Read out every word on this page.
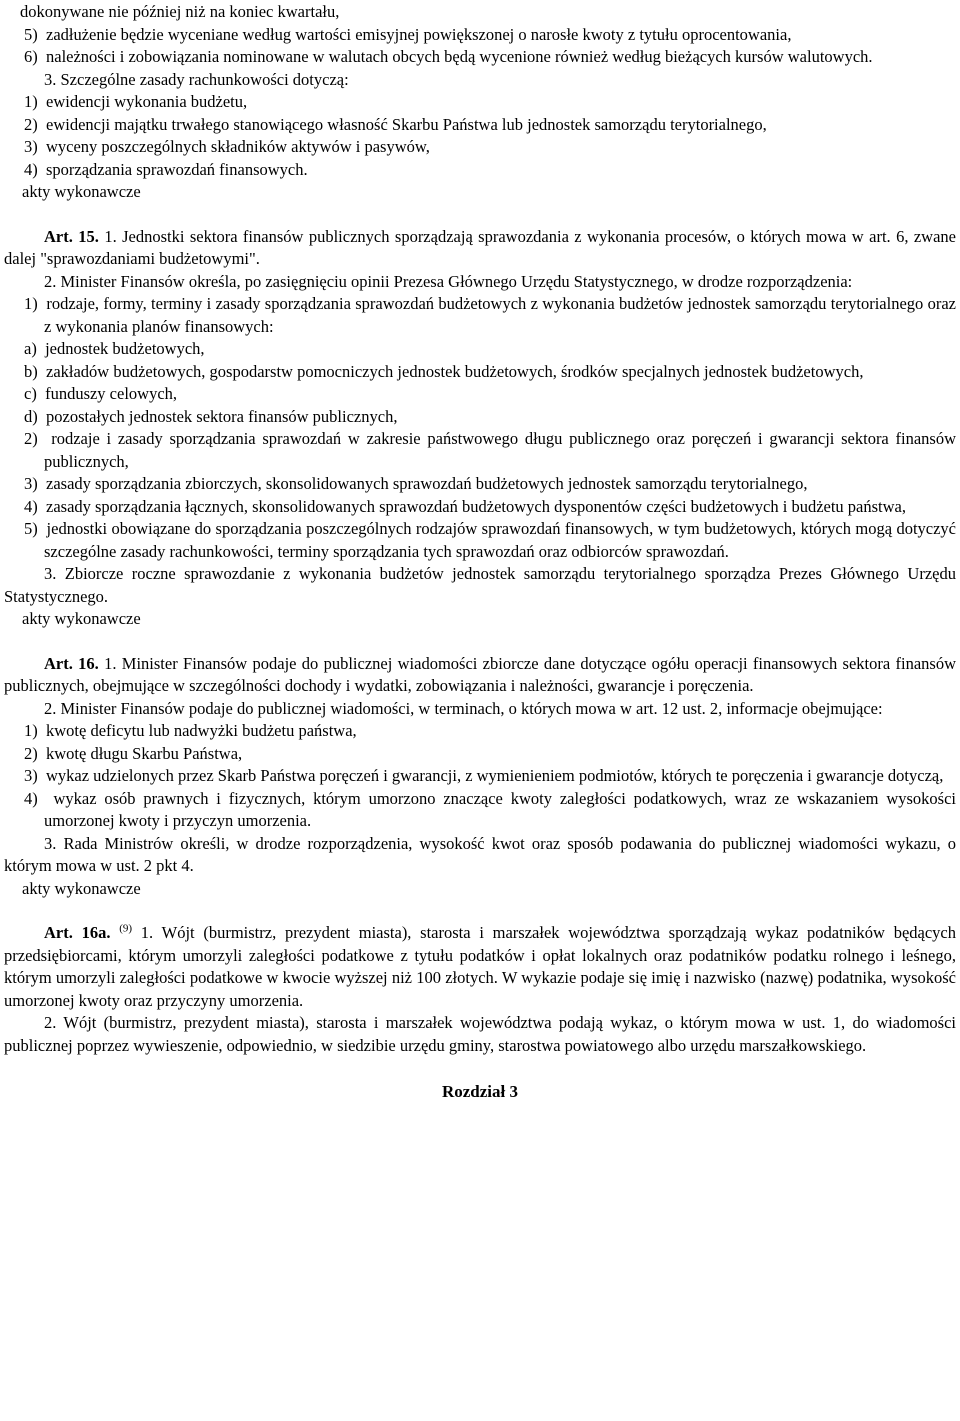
dokonywane nie później niż na koniec kwartału,

5)  zadłużenie będzie wyceniane według wartości emisyjnej powiększonej o narosłe kwoty z tytułu oprocentowania,

6)  należności i zobowiązania nominowane w walutach obcych będą wycenione również według bieżących kursów walutowych.

3. Szczególne zasady rachunkowości dotyczą:

1)  ewidencji wykonania budżetu,

2)  ewidencji majątku trwałego stanowiącego własność Skarbu Państwa lub jednostek samorządu terytorialnego,

3)  wyceny poszczególnych składników aktywów i pasywów,

4)  sporządzania sprawozdań finansowych.

akty wykonawcze

Art. 15. 1. Jednostki sektora finansów publicznych sporządzają sprawozdania z wykonania procesów, o których mowa w art. 6, zwane dalej "sprawozdaniami budżetowymi".

2. Minister Finansów określa, po zasięgnięciu opinii Prezesa Głównego Urzędu Statystycznego, w drodze rozporządzenia:

1)  rodzaje, formy, terminy i zasady sporządzania sprawozdań budżetowych z wykonania budżetów jednostek samorządu terytorialnego oraz z wykonania planów finansowych:

a)  jednostek budżetowych,

b)  zakładów budżetowych, gospodarstw pomocniczych jednostek budżetowych, środków specjalnych jednostek budżetowych,

c)  funduszy celowych,

d)  pozostałych jednostek sektora finansów publicznych,

2)  rodzaje i zasady sporządzania sprawozdań w zakresie państwowego długu publicznego oraz poręczeń i gwarancji sektora finansów publicznych,

3)  zasady sporządzania zbiorczych, skonsolidowanych sprawozdań budżetowych jednostek samorządu terytorialnego,

4)  zasady sporządzania łącznych, skonsolidowanych sprawozdań budżetowych dysponentów części budżetowych i budżetu państwa,

5)  jednostki obowiązane do sporządzania poszczególnych rodzajów sprawozdań finansowych, w tym budżetowych, których mogą dotyczyć szczególne zasady rachunkowości, terminy sporządzania tych sprawozdań oraz odbiorców sprawozdań.

3. Zbiorcze roczne sprawozdanie z wykonania budżetów jednostek samorządu terytorialnego sporządza Prezes Głównego Urzędu Statystycznego.

akty wykonawcze

Art. 16. 1. Minister Finansów podaje do publicznej wiadomości zbiorcze dane dotyczące ogółu operacji finansowych sektora finansów publicznych, obejmujące w szczególności dochody i wydatki, zobowiązania i należności, gwarancje i poręczenia.

2. Minister Finansów podaje do publicznej wiadomości, w terminach, o których mowa w art. 12 ust. 2, informacje obejmujące:

1)  kwotę deficytu lub nadwyżki budżetu państwa,

2)  kwotę długu Skarbu Państwa,

3)  wykaz udzielonych przez Skarb Państwa poręczeń i gwarancji, z wymienieniem podmiotów, których te poręczenia i gwarancje dotyczą,

4)  wykaz osób prawnych i fizycznych, którym umorzono znaczące kwoty zaległości podatkowych, wraz ze wskazaniem wysokości umorzonej kwoty i przyczyn umorzenia.

3. Rada Ministrów określi, w drodze rozporządzenia, wysokość kwot oraz sposób podawania do publicznej wiadomości wykazu, o którym mowa w ust. 2 pkt 4.

akty wykonawcze

Art. 16a. $^{(9)}$ 1. Wójt (burmistrz, prezydent miasta), starosta i marszałek województwa sporządzają wykaz podatników będących przedsiębiorcami, którym umorzyli zaległości podatkowe z tytułu podatków i opłat lokalnych oraz podatników podatku rolnego i leśnego, którym umorzyli zaległości podatkowe w kwocie wyższej niż 100 złotych. W wykazie podaje się imię i nazwisko (nazwę) podatnika, wysokość umorzonej kwoty oraz przyczyny umorzenia.

2. Wójt (burmistrz, prezydent miasta), starosta i marszałek województwa podają wykaz, o którym mowa w ust. 1, do wiadomości publicznej poprzez wywieszenie, odpowiednio, w siedzibie urzędu gminy, starostwa powiatowego albo urzędu marszałkowskiego.

Rozdział 3
